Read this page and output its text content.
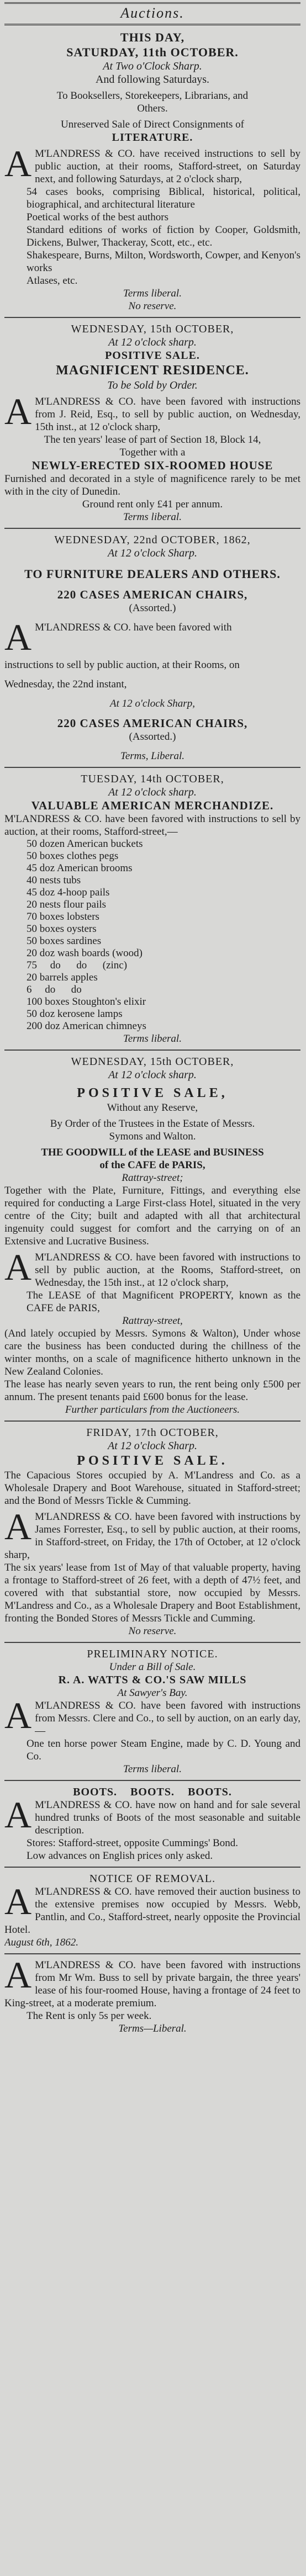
Auctions.
THIS DAY,
SATURDAY, 11th OCTOBER.
At Two o'Clock Sharp.
And following Saturdays.
To Booksellers, Storekeepers, Librarians, and
Others.
Unreserved Sale of Direct Consignments of
LITERATURE.
A M'LANDRESS & CO. have received instructions to sell by public auction, at their rooms, Stafford-street, on Saturday next, and following Saturdays, at 2 o'clock sharp,
54 cases books, comprising Biblical, historical, political, biographical, and architectural literature
Poetical works of the best authors
Standard editions of works of fiction by Cooper, Goldsmith, Dickens, Bulwer, Thackeray, Scott, etc., etc.
Shakespeare, Burns, Milton, Wordsworth, Cowper, and Kenyon's works
Atlases, etc.
Terms liberal.
No reserve.
WEDNESDAY, 15th OCTOBER,
At 12 o'clock sharp.
POSITIVE SALE.
MAGNIFICENT RESIDENCE.
To be Sold by Order.
A M'LANDRESS & CO. have been favored with instructions from J. Reid, Esq., to sell by public auction, on Wednesday, 15th inst., at 12 o'clock sharp,
The ten years' lease of part of Section 18, Block 14,
Together with a
NEWLY-ERECTED SIX-ROOMED HOUSE
Furnished and decorated in a style of magnificence rarely to be met with in the city of Dunedin.
Ground rent only £41 per annum.
Terms liberal.
WEDNESDAY, 22nd OCTOBER, 1862,
At 12 o'clock Sharp.
TO FURNITURE DEALERS AND OTHERS.
220 CASES AMERICAN CHAIRS,
(Assorted.)
A M'LANDRESS & CO. have been favored with
instructions to sell by public auction, at their Rooms, on
Wednesday, the 22nd instant,
At 12 o'clock Sharp,
220 CASES AMERICAN CHAIRS,
(Assorted.)
Terms, Liberal.
TUESDAY, 14th OCTOBER,
At 12 o'clock sharp.
VALUABLE AMERICAN MERCHANDIZE.
M'LANDRESS & CO. have been favored with instructions to sell by auction, at their rooms, Stafford-street,—
50 dozen American buckets
50 boxes clothes pegs
45 doz American brooms
40 nests tubs
45 doz 4-hoop pails
20 nests flour pails
70 boxes lobsters
50 boxes oysters
50 boxes sardines
20 doz wash boards (wood)
75     do      do      (zinc)
20 barrels apples
6     do      do
100 boxes Stoughton's elixir
50 doz kerosene lamps
200 doz American chimneys
Terms liberal.
WEDNESDAY, 15th OCTOBER,
At 12 o'clock sharp.
POSITIVE SALE,
Without any Reserve,
By Order of the Trustees in the Estate of Messrs.
Symons and Walton.
THE GOODWILL of the LEASE and BUSINESS
of the CAFE de PARIS,
Rattray-street;
Together with the Plate, Furniture, Fittings, and everything else required for conducting a Large First-class Hotel, situated in the very centre of the City; built and adapted with all that architectural ingenuity could suggest for comfort and the carrying on of an Extensive and Lucrative Business.
A M'LANDRESS & CO. have been favored with instructions to sell by public auction, at the Rooms, Stafford-street, on Wednesday, the 15th inst., at 12 o'clock sharp,
The LEASE of that Magnificent PROPERTY, known as the CAFE de PARIS,
Rattray-street,
(And lately occupied by Messrs. Symons & Walton), Under whose care the business has been conducted during the chillness of the winter months, on a scale of magnificence hitherto unknown in the New Zealand Colonies.
The lease has nearly seven years to run, the rent being only £500 per annum. The present tenants paid £600 bonus for the lease.
Further particulars from the Auctioneers.
FRIDAY, 17th OCTOBER,
At 12 o'clock Sharp.
POSITIVE SALE.
The Capacious Stores occupied by A. M'Landress and Co. as a Wholesale Drapery and Boot Warehouse, situated in Stafford-street; and the Bond of Messrs Tickle & Cumming.
A M'LANDRESS & CO. have been favored with instructions by James Forrester, Esq., to sell by public auction, at their rooms, in Stafford-street, on Friday, the 17th of October, at 12 o'clock sharp,
The six years' lease from 1st of May of that valuable property, having a frontage to Stafford-street of 26 feet, with a depth of 47½ feet, and covered with that substantial store, now occupied by Messrs. M'Landress and Co., as a Wholesale Drapery and Boot Establishment, fronting the Bonded Stores of Messrs Tickle and Cumming.
No reserve.
PRELIMINARY NOTICE.
Under a Bill of Sale.
R. A. WATTS & CO.'S SAW MILLS
At Sawyer's Bay.
A M'LANDRESS & CO. have been favored with instructions from Messrs. Clere and Co., to sell by auction, on an early day,—
One ten horse power Steam Engine, made by C. D. Young and Co.
Terms liberal.
BOOTS.    BOOTS.    BOOTS.
A M'LANDRESS & CO. have now on hand and for sale several hundred trunks of Boots of the most seasonable and suitable description.
Stores: Stafford-street, opposite Cummings' Bond.
Low advances on English prices only asked.
NOTICE OF REMOVAL.
A M'LANDRESS & CO. have removed their auction business to the extensive premises now occupied by Messrs. Webb, Pantlin, and Co., Stafford-street, nearly opposite the Provincial Hotel.
August 6th, 1862.
A M'LANDRESS & CO. have been favored with instructions from Mr Wm. Buss to sell by private bargain, the three years' lease of his four-roomed House, having a frontage of 24 feet to King-street, at a moderate premium.
The Rent is only 5s per week.
Terms—Liberal.
